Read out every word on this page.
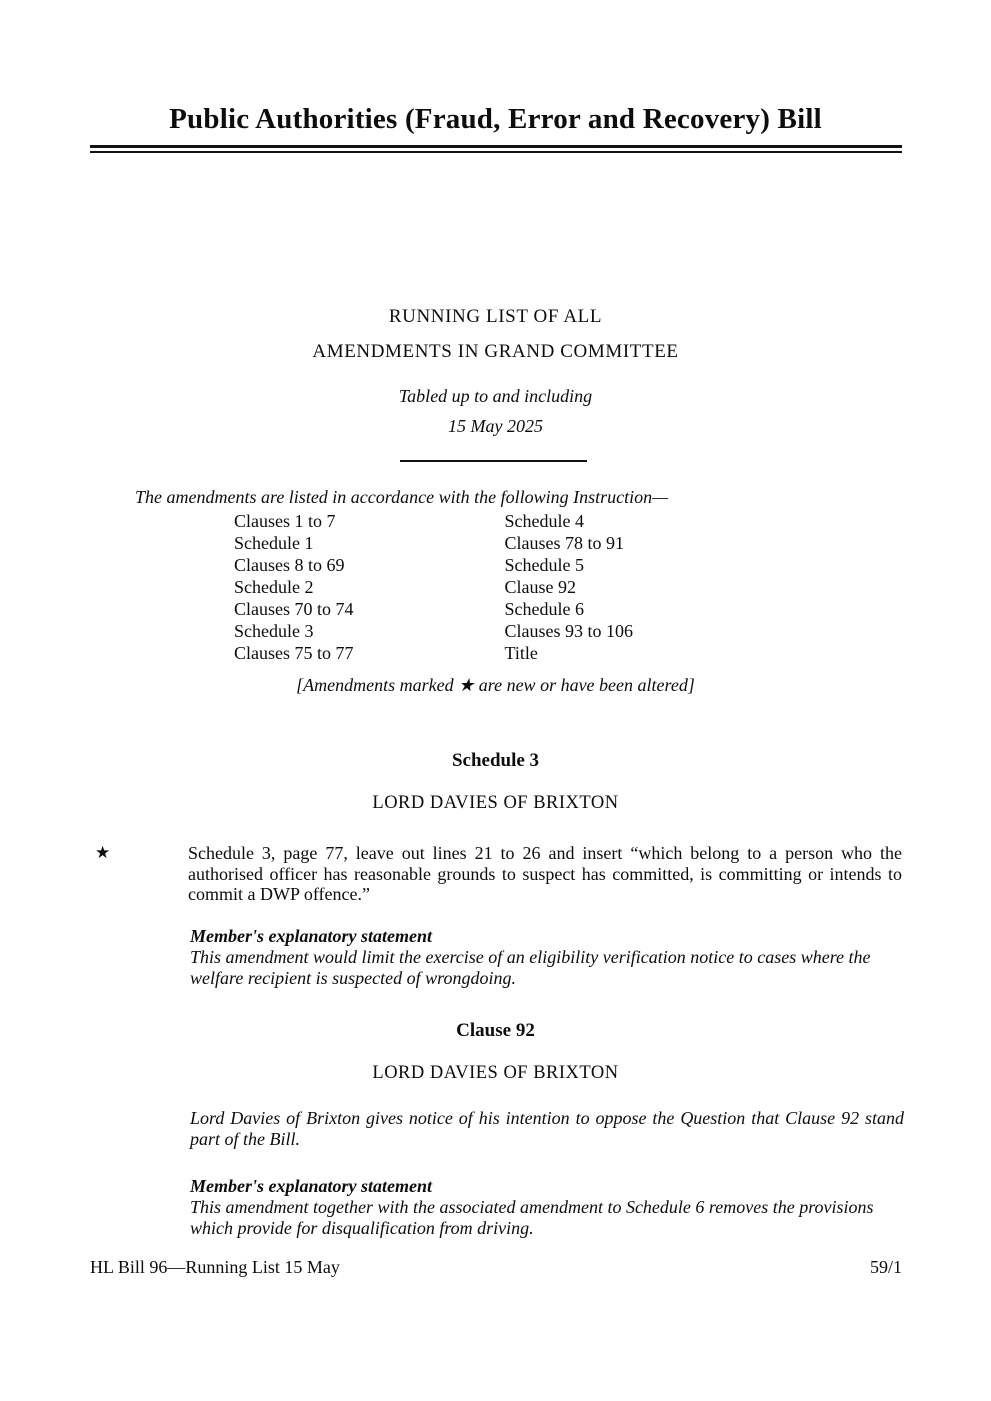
Public Authorities (Fraud, Error and Recovery) Bill
RUNNING LIST OF ALL
AMENDMENTS IN GRAND COMMITTEE
Tabled up to and including
15 May 2025
The amendments are listed in accordance with the following Instruction—
Clauses 1 to 7	Schedule 4
Schedule 1	Clauses 78 to 91
Clauses 8 to 69	Schedule 5
Schedule 2	Clause 92
Clauses 70 to 74	Schedule 6
Schedule 3	Clauses 93 to 106
Clauses 75 to 77	Title
[Amendments marked ★ are new or have been altered]
Schedule 3
LORD DAVIES OF BRIXTON
★	Schedule 3, page 77, leave out lines 21 to 26 and insert “which belong to a person who the authorised officer has reasonable grounds to suspect has committed, is committing or intends to commit a DWP offence.”
Member's explanatory statement
This amendment would limit the exercise of an eligibility verification notice to cases where the welfare recipient is suspected of wrongdoing.
Clause 92
LORD DAVIES OF BRIXTON
Lord Davies of Brixton gives notice of his intention to oppose the Question that Clause 92 stand part of the Bill.
Member's explanatory statement
This amendment together with the associated amendment to Schedule 6 removes the provisions which provide for disqualification from driving.
HL Bill 96—Running List 15 May	59/1
